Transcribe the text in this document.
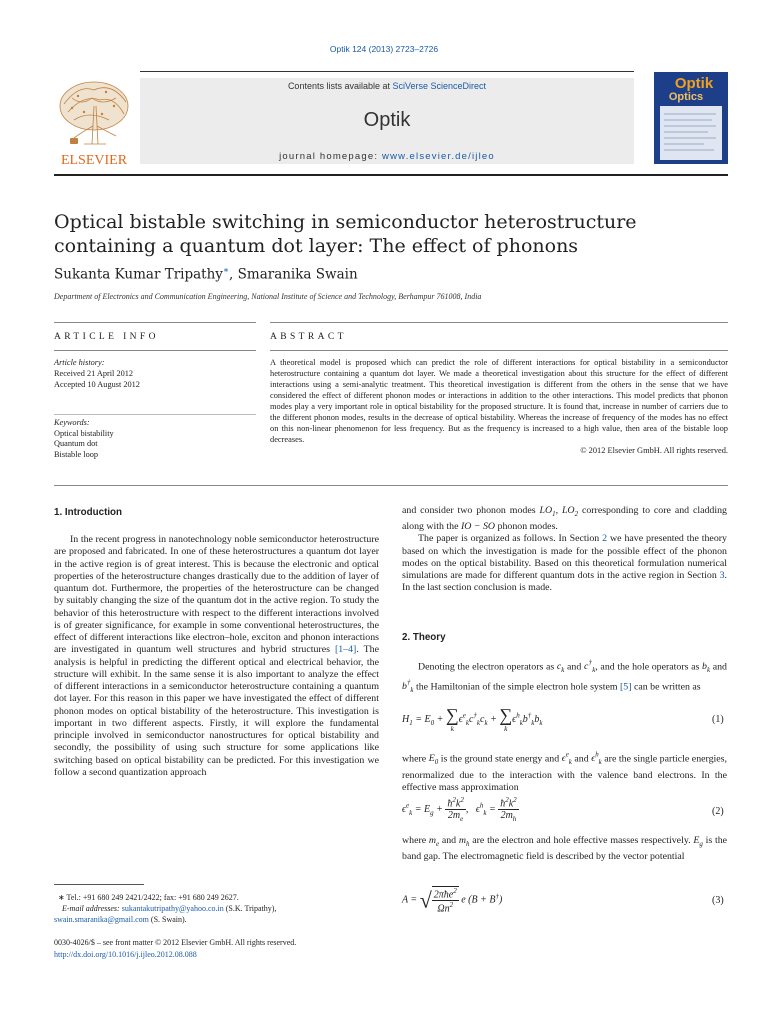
Optik 124 (2013) 2723–2726
ELSEVIER
Contents lists available at SciVerse ScienceDirect
Optik
journal homepage: www.elsevier.de/ijleo
Optik
Optics
Optical bistable switching in semiconductor heterostructure containing a quantum dot layer: The effect of phonons
Sukanta Kumar Tripathy∗, Smaranika Swain
Department of Electronics and Communication Engineering, National Institute of Science and Technology, Berhampur 761008, India
ARTICLE INFO	ABSTRACT
Article history:
Received 21 April 2012
Accepted 10 August 2012
Keywords:
Optical bistability
Quantum dot
Bistable loop
A theoretical model is proposed which can predict the role of different interactions for optical bistability in a semiconductor heterostructure containing a quantum dot layer. We made a theoretical investigation about this structure for the effect of different interactions using a semi-analytic treatment. This theoretical investigation is different from the others in the sense that we have considered the effect of different phonon modes or interactions in addition to the other interactions. This model predicts that phonon modes play a very important role in optical bistability for the proposed structure. It is found that, increase in number of carriers due to the different phonon modes, results in the decrease of optical bistability. Whereas the increase of frequency of the modes has no effect on this non-linear phenomenon for less frequency. But as the frequency is increased to a high value, then area of the bistable loop decreases.
© 2012 Elsevier GmbH. All rights reserved.
1. Introduction

In the recent progress in nanotechnology noble semiconductor heterostructure are proposed and fabricated. In one of these heterostructures a quantum dot layer in the active region is of great interest. This is because the electronic and optical properties of the heterostructure changes drastically due to the addition of layer of quantum dot. Furthermore, the properties of the heterostructure can be changed by suitably changing the size of the quantum dot in the active region. To study the behavior of this heterostructure with respect to the different interactions involved is of greater significance, for example in some conventional heterostructures, the effect of different interactions like electron–hole, exciton and phonon interactions are investigated in quantum well structures and hybrid structures [1–4]. The analysis is helpful in predicting the different optical and electrical behavior, the structure will exhibit. In the same sense it is also important to analyze the effect of different interactions in a semiconductor heterostructure containing a quantum dot layer. For this reason in this paper we have investigated the effect of different phonon modes on optical bistability of the heterostructure. This investigation is important in two different aspects. Firstly, it will explore the fundamental principle involved in semiconductor nanostructures for optical bistability and secondly, the possibility of using such structure for some applications like switching based on optical bistability can be predicted. For this investigation we follow a second quantization approach

and consider two phonon modes $LO_1$, $LO_2$ corresponding to core and cladding along with the IO − SO phonon modes.

The paper is organized as follows. In Section 2 we have presented the theory based on which the investigation is made for the possible effect of the phonon modes on the optical bistability. Based on this theoretical formulation numerical simulations are made for different quantum dots in the active region in Section 3. In the last section conclusion is made.

2. Theory

Denoting the electron operators as $c_k$ and $c^\dagger_k$, and the hole operators as $b_k$ and $b^\dagger_k$ the Hamiltonian of the simple electron hole system [5] can be written as

$H_1 = E_0$ + ∑
k
$\epsilon^e_kc^\dagger_kc_k$ + ∑
k
$\epsilon^h_kb^\dagger_kb_k$	(1)

where $E_0$ is the ground state energy and $\epsilon^e_k$ and $\epsilon^h_k$ are the single particle energies, renormalized due to the interaction with the valence band electrons. In the effective mass approximation

$\epsilon^e_k = E_g + \frac{ħ^2k^2}{2m_e}$ ,   $\epsilon^h_k = \frac{ħ^2k^2}{2m_h}$	(2)

where $m_e$ and $m_h$ are the electron and hole effective masses respectively. $E_g$ is the band gap. The electromagnetic field is described by the vector potential

A = √ $\frac{2\pi ħe^2}{\Omega n^2}$ e (B + B†)	(3)
∗ Tel.: +91 680 249 2421/2422; fax: +91 680 249 2627.
E-mail addresses: sukantakutripathy@yahoo.co.in (S.K. Tripathy),
swain.smaranika@gmail.com (S. Swain).
0030-4026/$ – see front matter © 2012 Elsevier GmbH. All rights reserved.
http://dx.doi.org/10.1016/j.ijleo.2012.08.088
